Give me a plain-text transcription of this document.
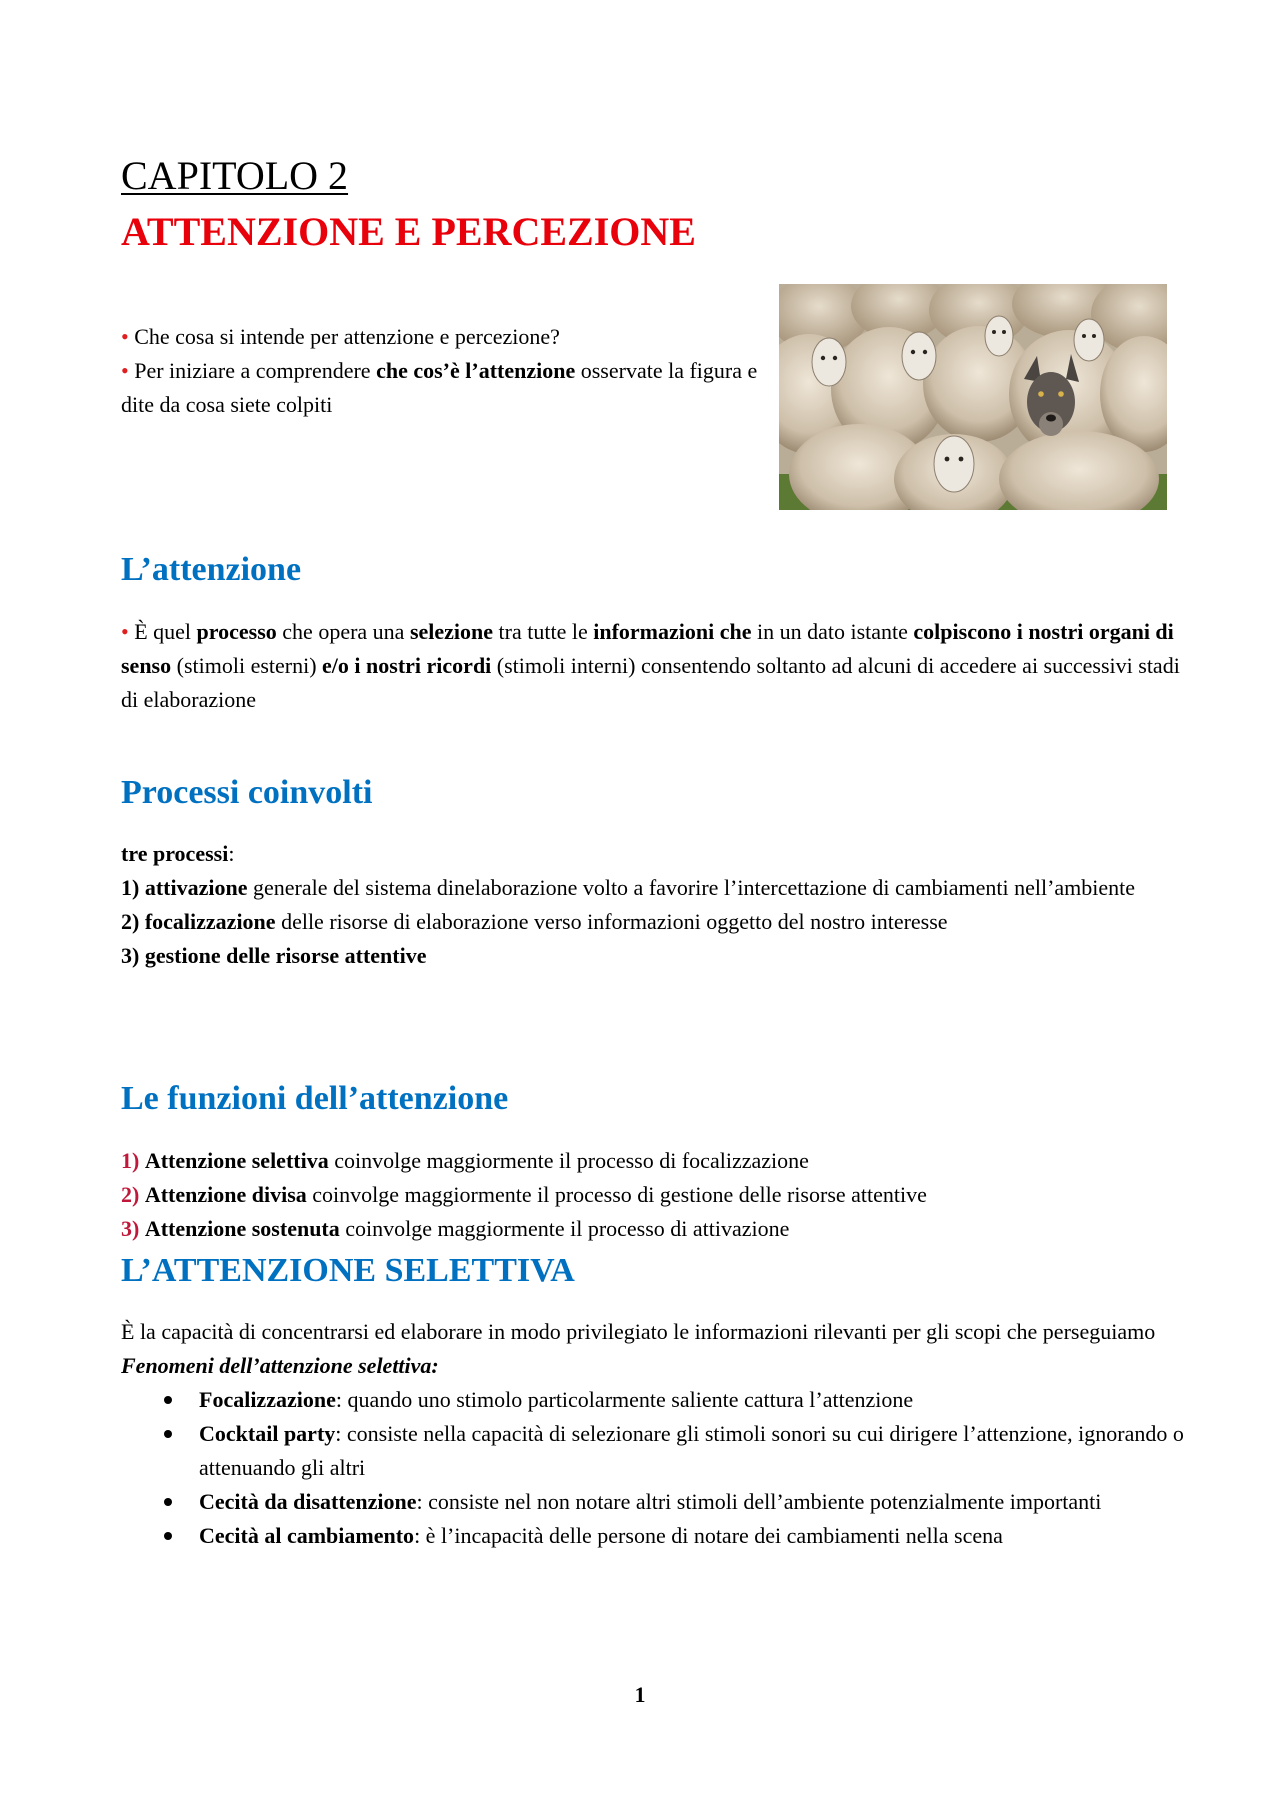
CAPITOLO 2
ATTENZIONE E PERCEZIONE

• Che cosa si intende per attenzione e percezione?

• Per iniziare a comprendere che cos’è l’attenzione osservate la figura e dite da cosa siete colpiti

L’attenzione

• È quel processo che opera una selezione tra tutte le informazioni che in un dato istante colpiscono i nostri organi di senso (stimoli esterni) e/o i nostri ricordi (stimoli interni) consentendo soltanto ad alcuni di accedere ai successivi stadi di elaborazione

Processi coinvolti

tre processi:

1) attivazione generale del sistema dinelaborazione volto a favorire l’intercettazione di cambiamenti nell’ambiente

2) focalizzazione delle risorse di elaborazione verso informazioni oggetto del nostro interesse

3) gestione delle risorse attentive

Le funzioni dell’attenzione

1) Attenzione selettiva coinvolge maggiormente il processo di focalizzazione

2) Attenzione divisa coinvolge maggiormente il processo di gestione delle risorse attentive

3) Attenzione sostenuta coinvolge maggiormente il processo di attivazione

L’ATTENZIONE SELETTIVA

È la capacità di concentrarsi ed elaborare in modo privilegiato le informazioni rilevanti per gli scopi che perseguiamo

Fenomeni dell’attenzione selettiva:

Focalizzazione: quando uno stimolo particolarmente saliente cattura l’attenzione
Cocktail party: consiste nella capacità di selezionare gli stimoli sonori su cui dirigere l’attenzione, ignorando o attenuando gli altri
Cecità da disattenzione: consiste nel non notare altri stimoli dell’ambiente potenzialmente importanti
Cecità al cambiamento: è l’incapacità delle persone di notare dei cambiamenti nella scena
1
